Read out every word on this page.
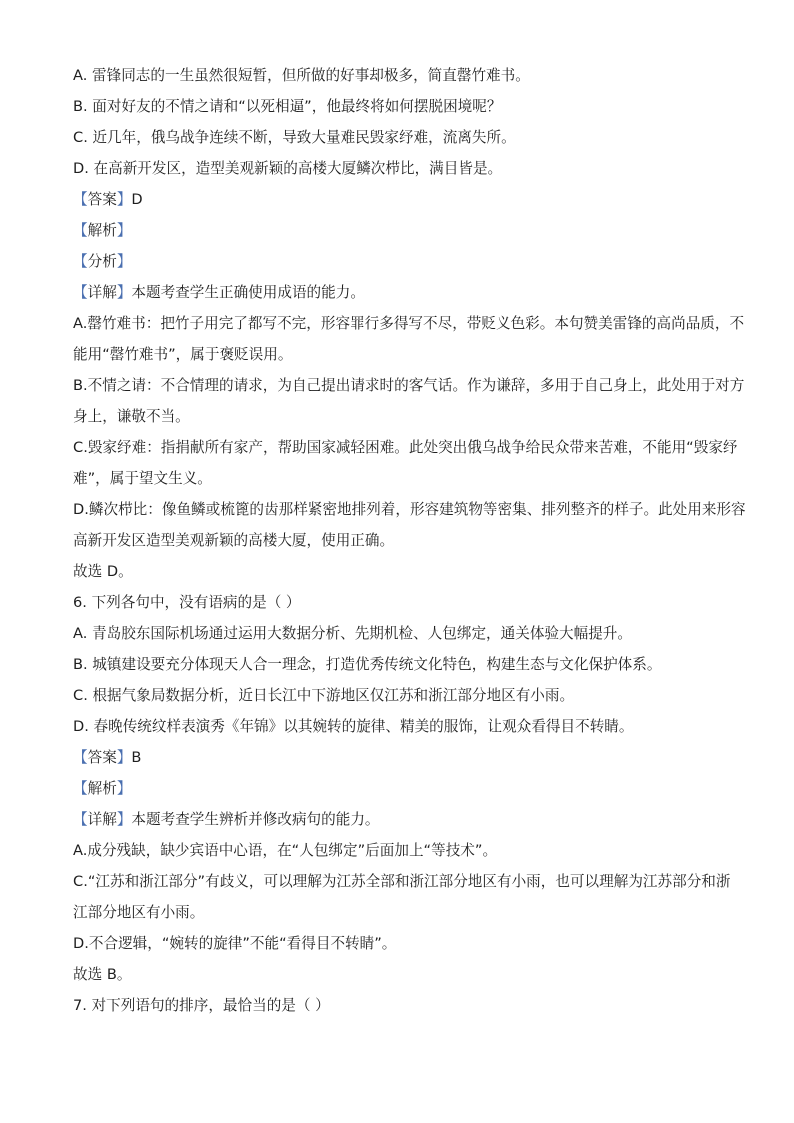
A. 雷锋同志的一生虽然很短暂，但所做的好事却极多，简直罄竹难书。
B. 面对好友的不情之请和“以死相逼”，他最终将如何摆脱困境呢？
C. 近几年，俄乌战争连续不断，导致大量难民毁家纾难，流离失所。
D. 在高新开发区，造型美观新颖的高楼大厦鳞次栉比，满目皆是。
【答案】D
【解析】
【分析】
【详解】本题考查学生正确使用成语的能力。
A.罄竹难书：把竹子用完了都写不完，形容罪行多得写不尽，带贬义色彩。本句赞美雷锋的高尚品质，不
能用“罄竹难书”，属于褒贬误用。
B.不情之请：不合情理的请求，为自己提出请求时的客气话。作为谦辞，多用于自己身上，此处用于对方
身上，谦敬不当。
C.毁家纾难：指捐献所有家产，帮助国家减轻困难。此处突出俄乌战争给民众带来苦难，不能用“毁家纾
难”，属于望文生义。
D.鳞次栉比：像鱼鳞或梳篦的齿那样紧密地排列着，形容建筑物等密集、排列整齐的样子。此处用来形容
高新开发区造型美观新颖的高楼大厦，使用正确。
故选 D。
6. 下列各句中，没有语病的是（ ）
A. 青岛胶东国际机场通过运用大数据分析、先期机检、人包绑定，通关体验大幅提升。
B. 城镇建设要充分体现天人合一理念，打造优秀传统文化特色，构建生态与文化保护体系。
C. 根据气象局数据分析，近日长江中下游地区仅江苏和浙江部分地区有小雨。
D. 春晚传统纹样表演秀《年锦》以其婉转的旋律、精美的服饰，让观众看得目不转睛。
【答案】B
【解析】
【详解】本题考查学生辨析并修改病句的能力。
A.成分残缺，缺少宾语中心语，在“人包绑定”后面加上“等技术”。
C.“江苏和浙江部分”有歧义，可以理解为江苏全部和浙江部分地区有小雨，也可以理解为江苏部分和浙
江部分地区有小雨。
D.不合逻辑，“婉转的旋律”不能“看得目不转睛”。
故选 B。
7. 对下列语句的排序，最恰当的是（ ）
